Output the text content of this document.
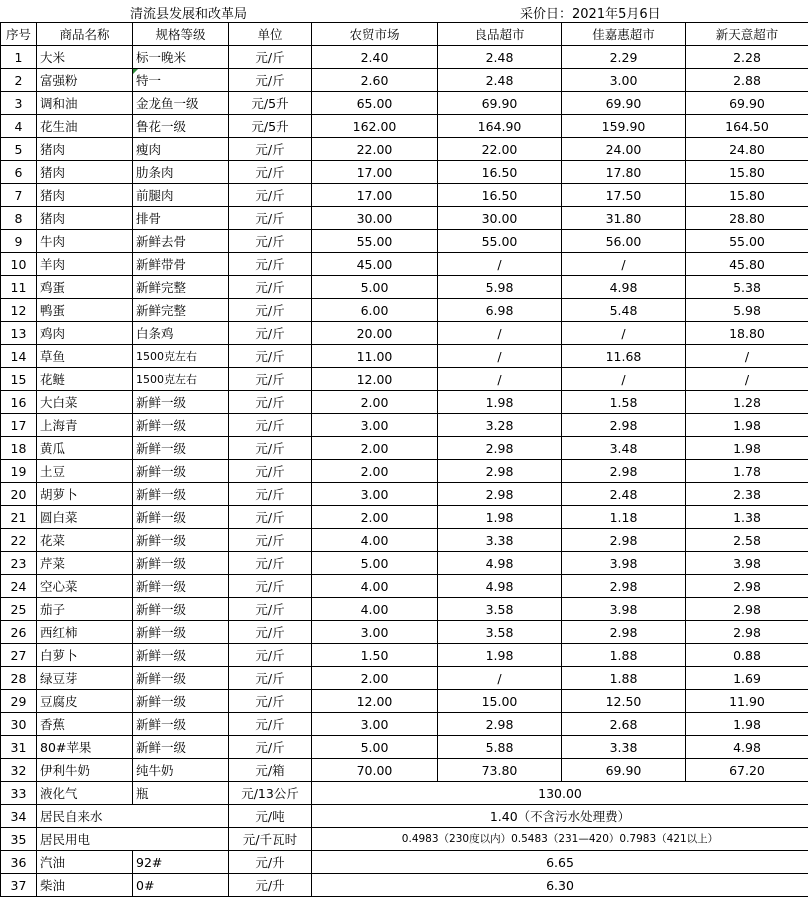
清流县发展和改革局	采价日：2021年5月6日
序号	商品名称	规格等级	单位	农贸市场	良品超市	佳嘉惠超市	新天意超市
1	大米	标一晚米	元/斤	2.40	2.48	2.29	2.28
2	富强粉	特一	元/斤	2.60	2.48	3.00	2.88
3	调和油	金龙鱼一级	元/5升	65.00	69.90	69.90	69.90
4	花生油	鲁花一级	元/5升	162.00	164.90	159.90	164.50
5	猪肉	瘦肉	元/斤	22.00	22.00	24.00	24.80
6	猪肉	肋条肉	元/斤	17.00	16.50	17.80	15.80
7	猪肉	前腿肉	元/斤	17.00	16.50	17.50	15.80
8	猪肉	排骨	元/斤	30.00	30.00	31.80	28.80
9	牛肉	新鲜去骨	元/斤	55.00	55.00	56.00	55.00
10	羊肉	新鲜带骨	元/斤	45.00	/	/	45.80
11	鸡蛋	新鲜完整	元/斤	5.00	5.98	4.98	5.38
12	鸭蛋	新鲜完整	元/斤	6.00	6.98	5.48	5.98
13	鸡肉	白条鸡	元/斤	20.00	/	/	18.80
14	草鱼	1500克左右	元/斤	11.00	/	11.68	/
15	花鲢	1500克左右	元/斤	12.00	/	/	/
16	大白菜	新鲜一级	元/斤	2.00	1.98	1.58	1.28
17	上海青	新鲜一级	元/斤	3.00	3.28	2.98	1.98
18	黄瓜	新鲜一级	元/斤	2.00	2.98	3.48	1.98
19	土豆	新鲜一级	元/斤	2.00	2.98	2.98	1.78
20	胡萝卜	新鲜一级	元/斤	3.00	2.98	2.48	2.38
21	圆白菜	新鲜一级	元/斤	2.00	1.98	1.18	1.38
22	花菜	新鲜一级	元/斤	4.00	3.38	2.98	2.58
23	芹菜	新鲜一级	元/斤	5.00	4.98	3.98	3.98
24	空心菜	新鲜一级	元/斤	4.00	4.98	2.98	2.98
25	茄子	新鲜一级	元/斤	4.00	3.58	3.98	2.98
26	西红柿	新鲜一级	元/斤	3.00	3.58	2.98	2.98
27	白萝卜	新鲜一级	元/斤	1.50	1.98	1.88	0.88
28	绿豆芽	新鲜一级	元/斤	2.00	/	1.88	1.69
29	豆腐皮	新鲜一级	元/斤	12.00	15.00	12.50	11.90
30	香蕉	新鲜一级	元/斤	3.00	2.98	2.68	1.98
31	80#苹果	新鲜一级	元/斤	5.00	5.88	3.38	4.98
32	伊利牛奶	纯牛奶	元/箱	70.00	73.80	69.90	67.20
33	液化气	瓶	元/13公斤	130.00			
34	居民自来水		元/吨	1.40（不含污水处理费）			
35	居民用电		元/千瓦时	0.4983（230度以内）0.5483（231—420）0.7983（421以上）			
36	汽油	92#	元/升	6.65			
37	柴油	0#	元/升	6.30			
